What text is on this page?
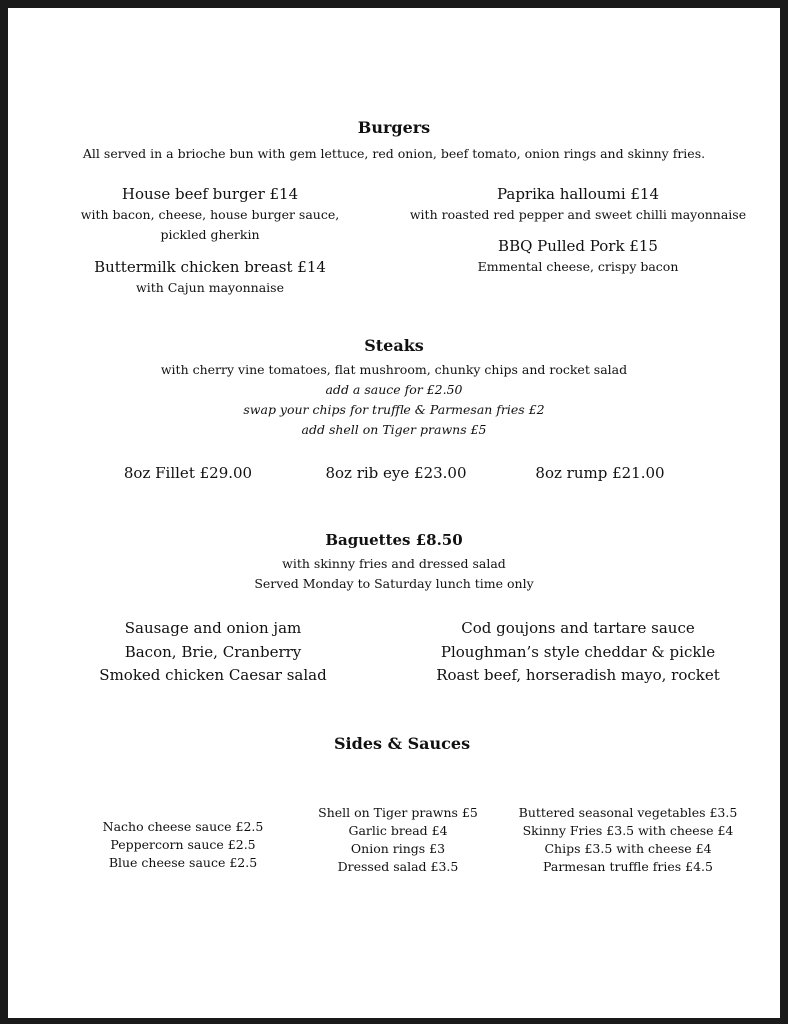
Burgers
All served in a brioche bun with gem lettuce, red onion, beef tomato, onion rings and skinny fries.
House beef burger £14
with bacon, cheese, house burger sauce, pickled gherkin
Buttermilk chicken breast £14
with Cajun mayonnaise
Paprika halloumi £14
with roasted red pepper and sweet chilli mayonnaise
BBQ Pulled Pork £15
Emmental cheese, crispy bacon
Steaks
with cherry vine tomatoes, flat mushroom, chunky chips and rocket salad
add a sauce for £2.50
swap your chips for truffle & Parmesan fries £2
add shell on Tiger prawns £5
8oz Fillet £29.00	8oz rib eye £23.00	8oz rump £21.00
Baguettes £8.50
with skinny fries and dressed salad
Served Monday to Saturday lunch time only
Sausage and onion jam
Bacon, Brie, Cranberry
Smoked chicken Caesar salad
Cod goujons and tartare sauce
Ploughman’s style cheddar & pickle
Roast beef, horseradish mayo, rocket
Sides & Sauces
Nacho cheese sauce £2.5
Peppercorn sauce £2.5
Blue cheese sauce £2.5
Shell on Tiger prawns £5
Garlic bread £4
Onion rings £3
Dressed salad £3.5
Buttered seasonal vegetables £3.5
Skinny Fries £3.5 with cheese £4
Chips £3.5 with cheese £4
Parmesan truffle fries £4.5
